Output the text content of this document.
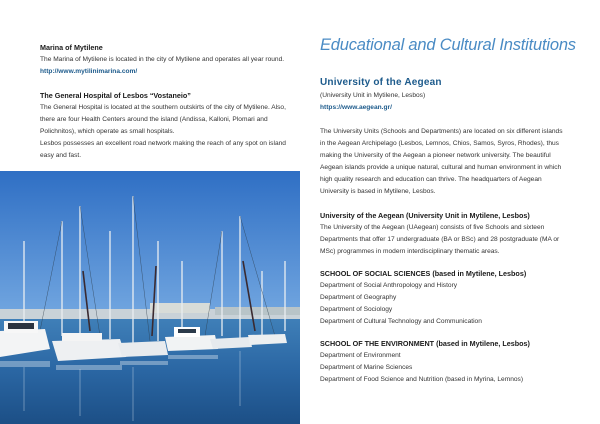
Marina of Mytilene

The Marina of Mytilene is located in the city of Mytilene and operates all year round. http://www.mytilinimarina.com/

The General Hospital of Lesbos “Vostaneio”

The General Hospital is located at the southern outskirts of the city of Mytilene. Also, there are four Health Centers around the island (Andissa, Kalloni, Plomari and Polichnitos), which operate as small hospitals.

Lesbos possesses an excellent road network making the reach of any spot on island easy and fast.

Educational and Cultural Institutions
University of the Aegean

(University Unit in Mytilene, Lesbos)

https://www.aegean.gr/

The University Units (Schools and Departments) are located on six different islands in the Aegean Archipelago (Lesbos, Lemnos, Chios, Samos, Syros, Rhodes), thus making the University of the Aegean a pioneer network university. The beautiful Aegean islands provide a unique natural, cultural and human environment in which high quality research and education can thrive. The headquarters of Aegean University is based in Mytilene, Lesbos.
University of the Aegean (University Unit in Mytilene, Lesbos)

The University of the Aegean (UAegean) consists of five Schools and sixteen Departments that offer 17 undergraduate (BA or BSc) and 28 postgraduate (MA or MSc) programmes in modern interdisciplinary thematic areas.

SCHOOL OF SOCIAL SCIENCES (based in Mytilene, Lesbos)

Department of Social Anthropology and History

Department of Geography

Department of Sociology

Department of Cultural Technology and Communication

SCHOOL OF THE ENVIRONMENT (based in Mytilene, Lesbos)

Department of Environment

Department of Marine Sciences

Department of Food Science and Nutrition (based in Myrina, Lemnos)
